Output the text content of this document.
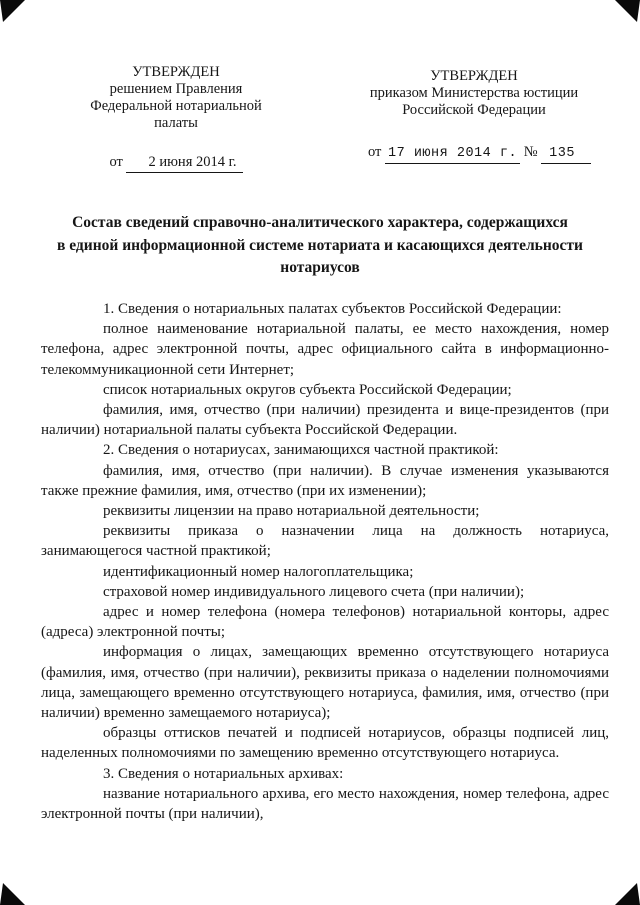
УТВЕРЖДЕН
решением Правления
Федеральной нотариальной
палаты
от 2 июня 2014 г.
УТВЕРЖДЕН
приказом Министерства юстиции
Российской Федерации
от 17 июня 2014 г. № 135
Состав сведений справочно-аналитического характера, содержащихся
в единой информационной системе нотариата и касающихся деятельности
нотариусов

1. Сведения о нотариальных палатах субъектов Российской Федерации:

полное наименование нотариальной палаты, ее место нахождения, номер телефона, адрес электронной почты, адрес официального сайта в информационно-телекоммуникационной сети Интернет;

список нотариальных округов субъекта Российской Федерации;

фамилия, имя, отчество (при наличии) президента и вице-президентов (при наличии) нотариальной палаты субъекта Российской Федерации.

2. Сведения о нотариусах, занимающихся частной практикой:

фамилия, имя, отчество (при наличии). В случае изменения указываются также прежние фамилия, имя, отчество (при их изменении);

реквизиты лицензии на право нотариальной деятельности;

реквизиты приказа о назначении лица на должность нотариуса, занимающегося частной практикой;

идентификационный номер налогоплательщика;

страховой номер индивидуального лицевого счета (при наличии);

адрес и номер телефона (номера телефонов) нотариальной конторы, адрес (адреса) электронной почты;

информация о лицах, замещающих временно отсутствующего нотариуса (фамилия, имя, отчество (при наличии), реквизиты приказа о наделении полномочиями лица, замещающего временно отсутствующего нотариуса, фамилия, имя, отчество (при наличии) временно замещаемого нотариуса);

образцы оттисков печатей и подписей нотариусов, образцы подписей лиц, наделенных полномочиями по замещению временно отсутствующего нотариуса.

3. Сведения о нотариальных архивах:

название нотариального архива, его место нахождения, номер телефона, адрес электронной почты (при наличии),
